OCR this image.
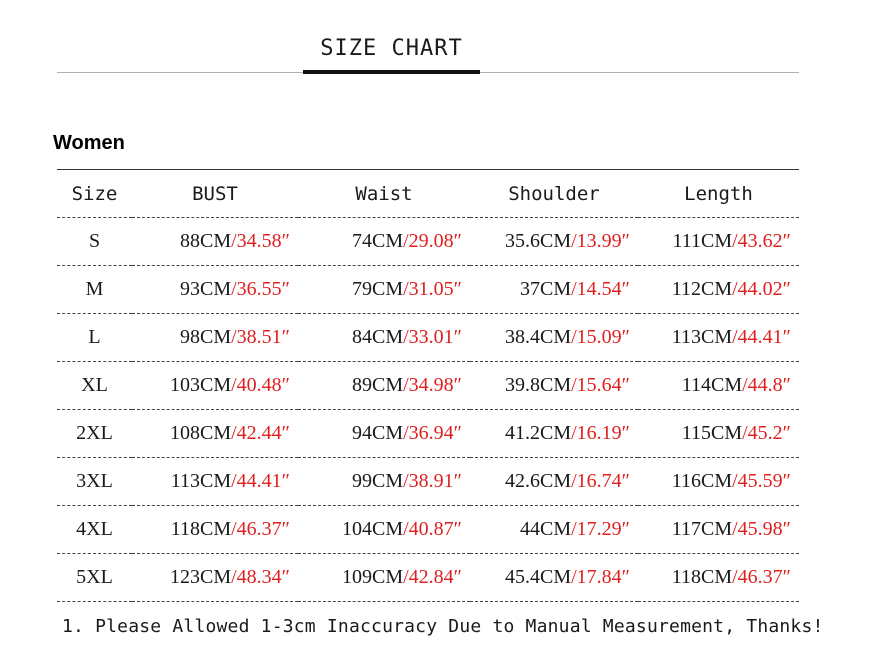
SIZE CHART
Women
Size	BUST	Waist	Shoulder	Length
S	88CM/34.58″	74CM/29.08″	35.6CM/13.99″	111CM/43.62″
M	93CM/36.55″	79CM/31.05″	37CM/14.54″	112CM/44.02″
L	98CM/38.51″	84CM/33.01″	38.4CM/15.09″	113CM/44.41″
XL	103CM/40.48″	89CM/34.98″	39.8CM/15.64″	114CM/44.8″
2XL	108CM/42.44″	94CM/36.94″	41.2CM/16.19″	115CM/45.2″
3XL	113CM/44.41″	99CM/38.91″	42.6CM/16.74″	116CM/45.59″
4XL	118CM/46.37″	104CM/40.87″	44CM/17.29″	117CM/45.98″
5XL	123CM/48.34″	109CM/42.84″	45.4CM/17.84″	118CM/46.37″
1. Please Allowed 1-3cm Inaccuracy Due to Manual Measurement, Thanks!
